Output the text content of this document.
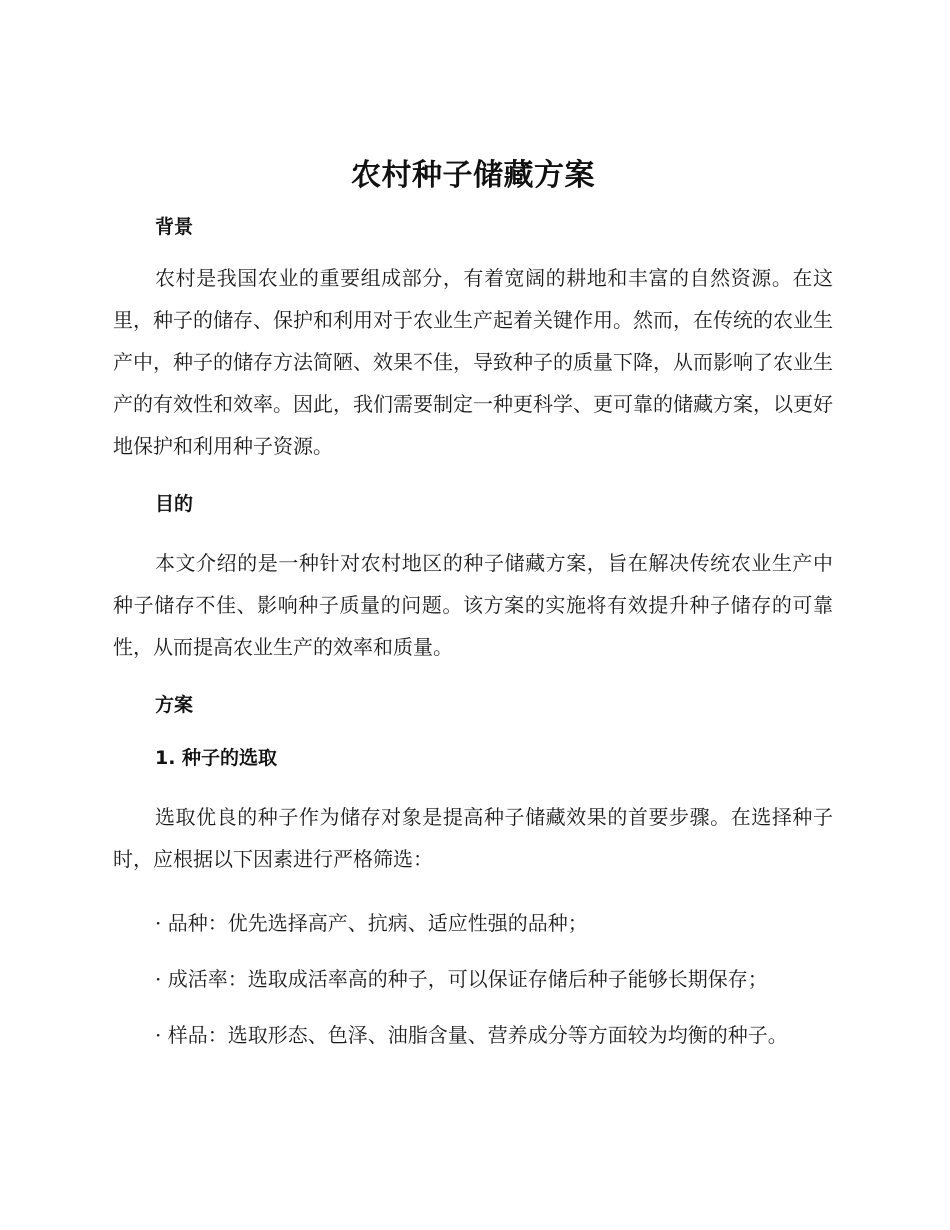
农村种子储藏方案
背景

农村是我国农业的重要组成部分，有着宽阔的耕地和丰富的自然资源。在这里，种子的储存、保护和利用对于农业生产起着关键作用。然而，在传统的农业生产中，种子的储存方法简陋、效果不佳，导致种子的质量下降，从而影响了农业生产的有效性和效率。因此，我们需要制定一种更科学、更可靠的储藏方案，以更好地保护和利用种子资源。

目的

本文介绍的是一种针对农村地区的种子储藏方案，旨在解决传统农业生产中种子储存不佳、影响种子质量的问题。该方案的实施将有效提升种子储存的可靠性，从而提高农业生产的效率和质量。

方案
1. 种子的选取

选取优良的种子作为储存对象是提高种子储藏效果的首要步骤。在选择种子时，应根据以下因素进行严格筛选：

· 品种：优先选择高产、抗病、适应性强的品种；

· 成活率：选取成活率高的种子，可以保证存储后种子能够长期保存；

· 样品：选取形态、色泽、油脂含量、营养成分等方面较为均衡的种子。
